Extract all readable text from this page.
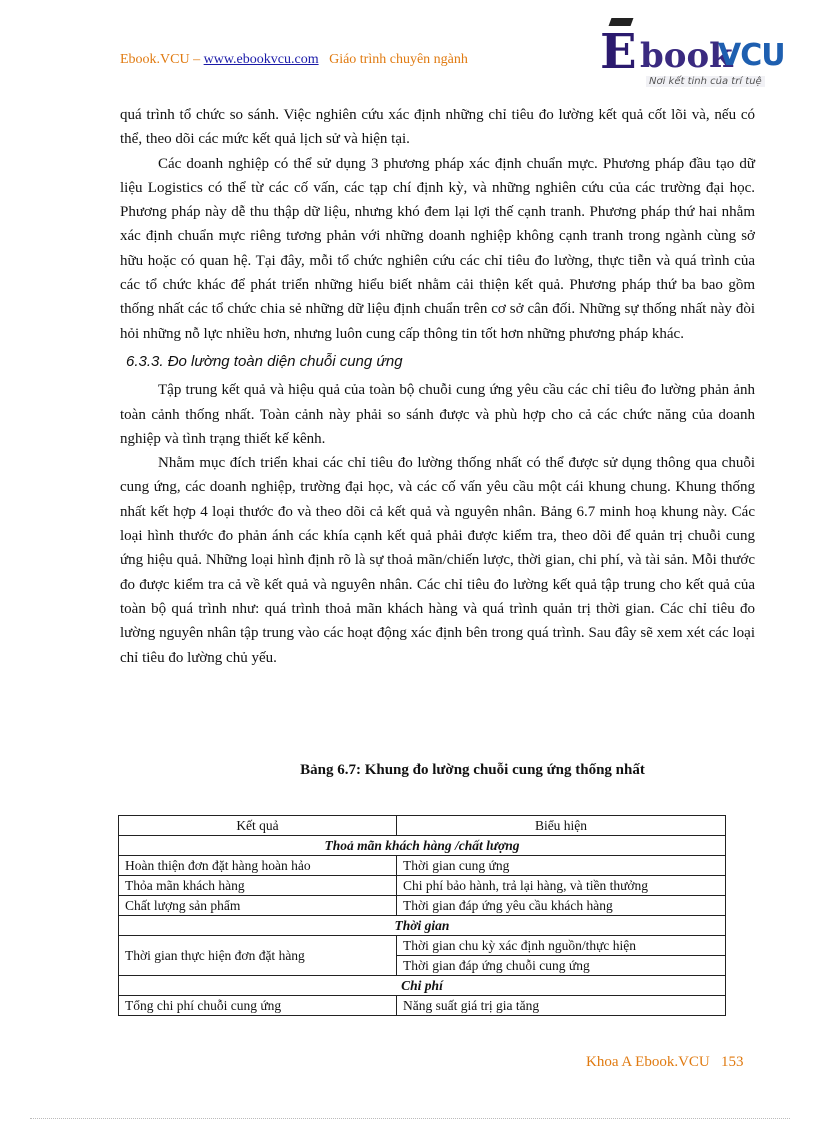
Ebook.VCU – www.ebookvcu.com Giáo trình chuyên ngành	E book
VCU
Nơi kết tinh của trí tuệ

quá trình tổ chức so sánh. Việc nghiên cứu xác định những chỉ tiêu đo lường kết quả cốt lõi và, nếu có thể, theo dõi các mức kết quả lịch sử và hiện tại.

Các doanh nghiệp có thể sử dụng 3 phương pháp xác định chuẩn mực. Phương pháp đầu tạo dữ liệu Logistics có thể từ các cố vấn, các tạp chí định kỳ, và những nghiên cứu của các trường đại học. Phương pháp này dễ thu thập dữ liệu, nhưng khó đem lại lợi thế cạnh tranh. Phương pháp thứ hai nhằm xác định chuẩn mực riêng tương phản với những doanh nghiệp không cạnh tranh trong ngành cùng sở hữu hoặc có quan hệ. Tại đây, mỗi tổ chức nghiên cứu các chỉ tiêu đo lường, thực tiễn và quá trình của các tổ chức khác để phát triển những hiểu biết nhằm cải thiện kết quả. Phương pháp thứ ba bao gồm thống nhất các tổ chức chia sẻ những dữ liệu định chuẩn trên cơ sở cân đối. Những sự thống nhất này đòi hỏi những nỗ lực nhiều hơn, nhưng luôn cung cấp thông tin tốt hơn những phương pháp khác.

6.3.3. Đo lường toàn diện chuỗi cung ứng

Tập trung kết quả và hiệu quả của toàn bộ chuỗi cung ứng yêu cầu các chỉ tiêu đo lường phản ảnh toàn cảnh thống nhất. Toàn cảnh này phải so sánh được và phù hợp cho cả các chức năng của doanh nghiệp và tình trạng thiết kế kênh.

Nhằm mục đích triển khai các chỉ tiêu đo lường thống nhất có thể được sử dụng thông qua chuỗi cung ứng, các doanh nghiệp, trường đại học, và các cố vấn yêu cầu một cái khung chung. Khung thống nhất kết hợp 4 loại thước đo và theo dõi cả kết quả và nguyên nhân. Bảng 6.7 minh hoạ khung này. Các loại hình thước đo phản ánh các khía cạnh kết quả phải được kiểm tra, theo dõi để quản trị chuỗi cung ứng hiệu quả. Những loại hình định rõ là sự thoả mãn/chiến lược, thời gian, chi phí, và tài sản. Mỗi thước đo được kiểm tra cả về kết quả và nguyên nhân. Các chỉ tiêu đo lường kết quả tập trung cho kết quả của toàn bộ quá trình như: quá trình thoả mãn khách hàng và quá trình quản trị thời gian. Các chỉ tiêu đo lường nguyên nhân tập trung vào các hoạt động xác định bên trong quá trình. Sau đây sẽ xem xét các loại chỉ tiêu đo lường chủ yếu.

Bảng 6.7: Khung đo lường chuỗi cung ứng thống nhất
Kết quả	Biểu hiện
Thoả mãn khách hàng /chất lượng	
Hoàn thiện đơn đặt hàng hoàn hảo	Thời gian cung ứng
Thỏa mãn khách hàng	Chi phí bảo hành, trả lại hàng, và tiền thưởng
Chất lượng sản phẩm	Thời gian đáp ứng yêu cầu khách hàng
Thời gian	
Thời gian thực hiện đơn đặt hàng	Thời gian chu kỳ xác định nguồn/thực hiện
	Thời gian đáp ứng chuỗi cung ứng
Chi phí	
Tổng chi phí chuỗi cung ứng	Năng suất giá trị gia tăng
Khoa A Ebook.VCU 153
